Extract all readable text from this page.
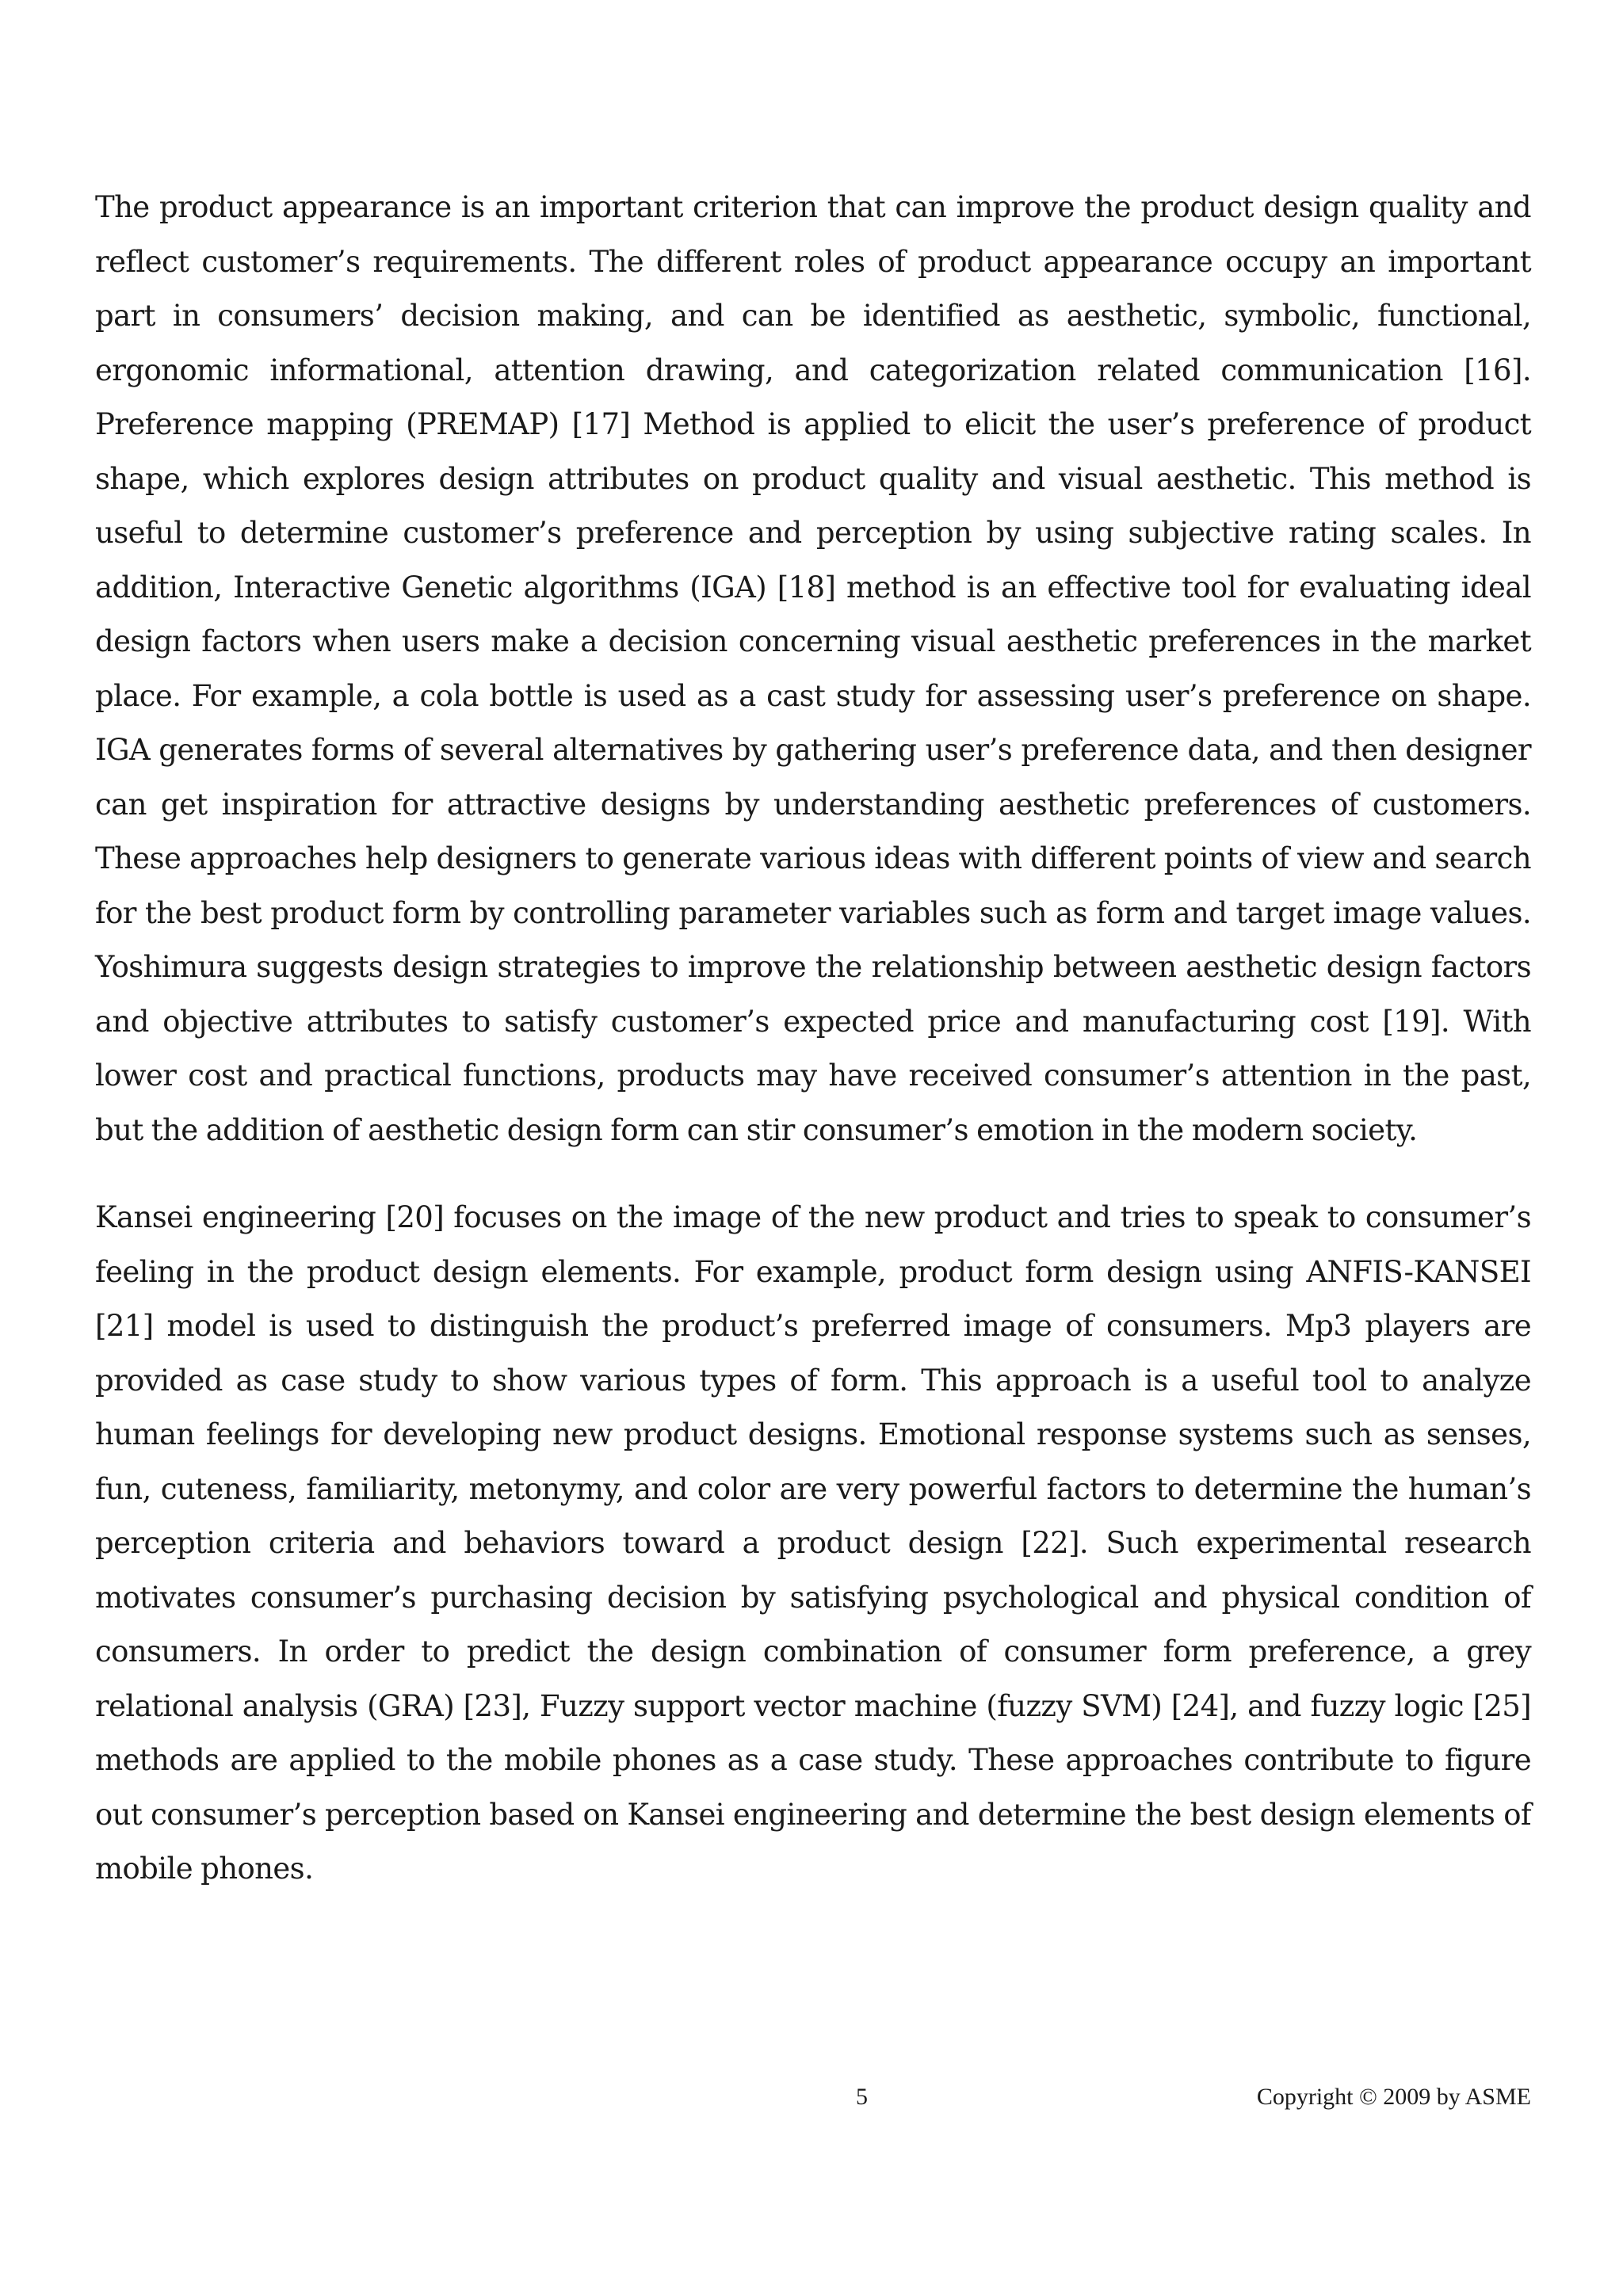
The product appearance is an important criterion that can improve the product design quality and reflect customer’s requirements. The different roles of product appearance occupy an important part in consumers’ decision making, and can be identified as aesthetic, symbolic, functional, ergonomic informational, attention drawing, and categorization related communication [16]. Preference mapping (PREMAP) [17] Method is applied to elicit the user’s preference of product shape, which explores design attributes on product quality and visual aesthetic. This method is useful to determine customer’s preference and perception by using subjective rating scales. In addition, Interactive Genetic algorithms (IGA) [18] method is an effective tool for evaluating ideal design factors when users make a decision concerning visual aesthetic preferences in the market place. For example, a cola bottle is used as a cast study for assessing user’s preference on shape. IGA generates forms of several alternatives by gathering user’s preference data, and then designer can get inspiration for attractive designs by understanding aesthetic preferences of customers. These approaches help designers to generate various ideas with different points of view and search for the best product form by controlling parameter variables such as form and target image values. Yoshimura suggests design strategies to improve the relationship between aesthetic design factors and objective attributes to satisfy customer’s expected price and manufacturing cost [19]. With lower cost and practical functions, products may have received consumer’s attention in the past, but the addition of aesthetic design form can stir consumer’s emotion in the modern society.

Kansei engineering [20] focuses on the image of the new product and tries to speak to consumer’s feeling in the product design elements. For example, product form design using ANFIS-KANSEI [21] model is used to distinguish the product’s preferred image of consumers. Mp3 players are provided as case study to show various types of form. This approach is a useful tool to analyze human feelings for developing new product designs. Emotional response systems such as senses, fun, cuteness, familiarity, metonymy, and color are very powerful factors to determine the human’s perception criteria and behaviors toward a product design [22]. Such experimental research motivates consumer’s purchasing decision by satisfying psychological and physical condition of consumers. In order to predict the design combination of consumer form preference, a grey relational analysis (GRA) [23], Fuzzy support vector machine (fuzzy SVM) [24], and fuzzy logic [25] methods are applied to the mobile phones as a case study. These approaches contribute to figure out consumer’s perception based on Kansei engineering and determine the best design elements of mobile phones.

5	Copyright © 2009 by ASME
